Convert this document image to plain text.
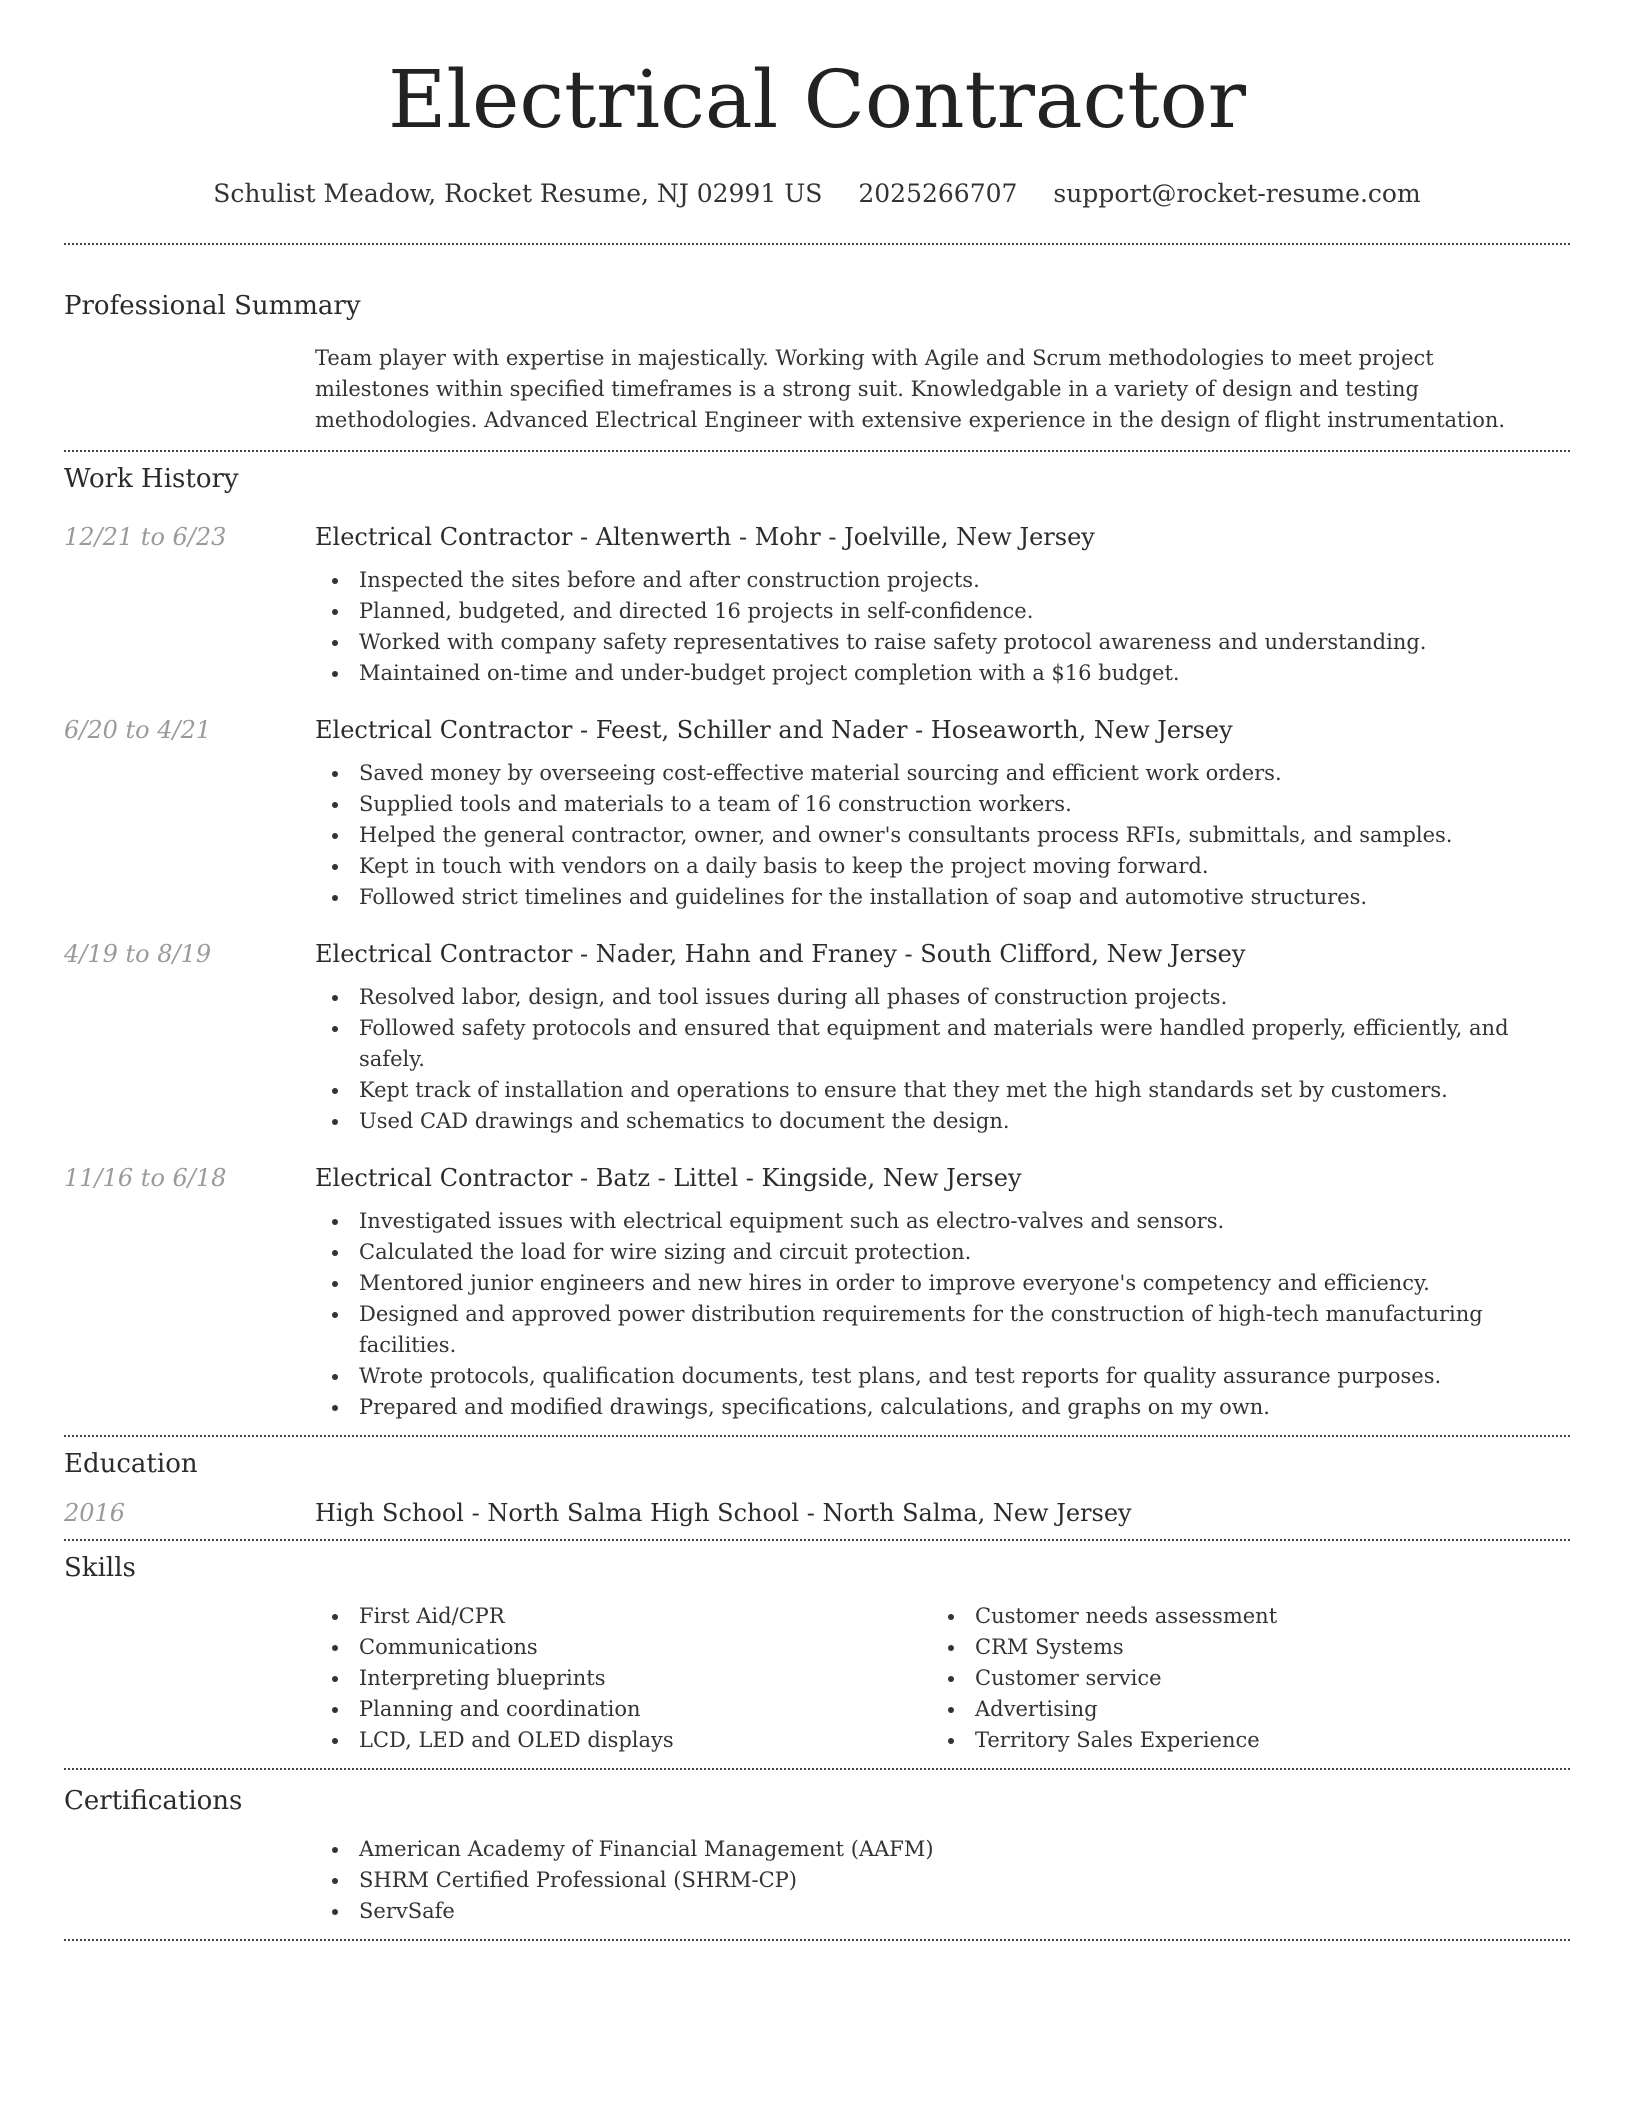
Electrical Contractor
Schulist Meadow, Rocket Resume, NJ 02991 US 2025266707 support@rocket-resume.com
Professional Summary

Team player with expertise in majestically. Working with Agile and Scrum methodologies to meet project milestones within specified timeframes is a strong suit. Knowledgable in a variety of design and testing methodologies. Advanced Electrical Engineer with extensive experience in the design of flight instrumentation.

Work History
12/21 to 6/23	Electrical Contractor - Altenwerth - Mohr - Joelville, New Jersey
Inspected the sites before and after construction projects.
Planned, budgeted, and directed 16 projects in self-confidence.
Worked with company safety representatives to raise safety protocol awareness and understanding.
Maintained on-time and under-budget project completion with a $16 budget.
6/20 to 4/21	Electrical Contractor - Feest, Schiller and Nader - Hoseaworth, New Jersey
Saved money by overseeing cost-effective material sourcing and efficient work orders.
Supplied tools and materials to a team of 16 construction workers.
Helped the general contractor, owner, and owner's consultants process RFIs, submittals, and samples.
Kept in touch with vendors on a daily basis to keep the project moving forward.
Followed strict timelines and guidelines for the installation of soap and automotive structures.
4/19 to 8/19	Electrical Contractor - Nader, Hahn and Franey - South Clifford, New Jersey
Resolved labor, design, and tool issues during all phases of construction projects.
Followed safety protocols and ensured that equipment and materials were handled properly, efficiently, and safely.
Kept track of installation and operations to ensure that they met the high standards set by customers.
Used CAD drawings and schematics to document the design.
11/16 to 6/18	Electrical Contractor - Batz - Littel - Kingside, New Jersey
Investigated issues with electrical equipment such as electro-valves and sensors.
Calculated the load for wire sizing and circuit protection.
Mentored junior engineers and new hires in order to improve everyone's competency and efficiency.
Designed and approved power distribution requirements for the construction of high-tech manufacturing facilities.
Wrote protocols, qualification documents, test plans, and test reports for quality assurance purposes.
Prepared and modified drawings, specifications, calculations, and graphs on my own.
Education
2016	High School - North Salma High School - North Salma, New Jersey
Skills
First Aid/CPR
Communications
Interpreting blueprints
Planning and coordination
LCD, LED and OLED displays
Customer needs assessment
CRM Systems
Customer service
Advertising
Territory Sales Experience
Certifications
American Academy of Financial Management (AAFM)
SHRM Certified Professional (SHRM-CP)
ServSafe
